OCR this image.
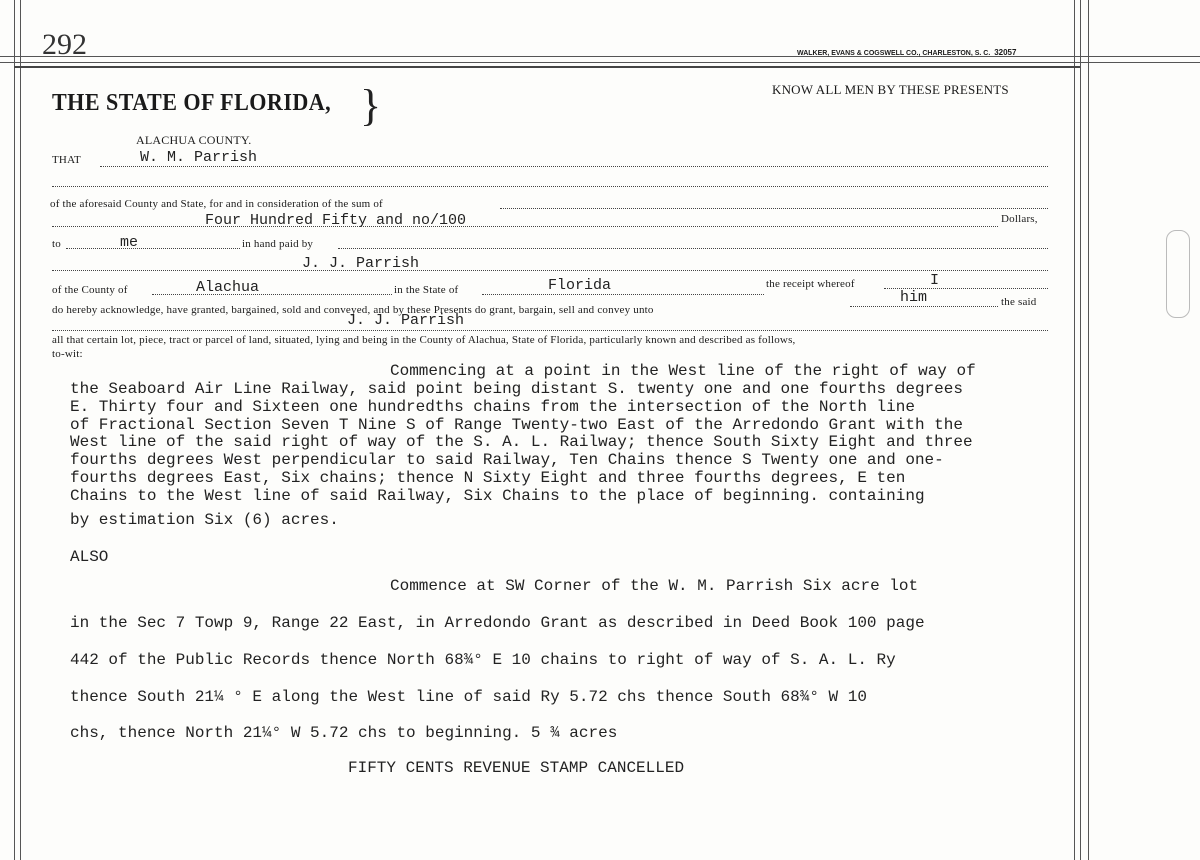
292	WALKER, EVANS & COGSWELL CO., CHARLESTON, S. C. 32057
THE STATE OF FLORIDA, }
ALACHUA COUNTY.
KNOW ALL MEN BY THESE PRESENTS
THAT	W. M. Parrish
of the aforesaid County and State, for and in consideration of the sum of
Four Hundred Fifty and no/100	Dollars,
to	me	in hand paid by
J. J. Parrish
of the County of	Alachua	in the State of	Florida	the receipt whereof	I
do hereby acknowledge, have granted, bargained, sold and conveyed, and by these Presents do grant, bargain, sell and convey unto
him	the said
J. J. Parrish
all that certain lot, piece, tract or parcel of land, situated, lying and being in the County of Alachua, State of Florida, particularly known and described as follows,
to-wit:
Commencing at a point in the West line of the right of way of
the Seaboard Air Line Railway, said point being distant S. twenty one and one fourths degrees
E. Thirty four and Sixteen one hundredths chains from the intersection of the North line
of Fractional Section Seven T Nine S of Range Twenty-two East of the Arredondo Grant with the
West line of the said right of way of the S. A. L. Railway; thence South Sixty Eight and three
fourths degrees West perpendicular to said Railway, Ten Chains thence S Twenty one and one-
fourths degrees East, Six chains; thence N Sixty Eight and three fourths degrees, E ten
Chains to the West line of said Railway, Six Chains to the place of beginning. containing
by estimation Six (6) acres.
ALSO
Commence at SW Corner of the W. M. Parrish Six acre lot
in the Sec 7 Towp 9, Range 22 East, in Arredondo Grant as described in Deed Book 100 page
442 of the Public Records thence North 68¾° E 10 chains to right of way of S. A. L. Ry
thence South 21¼ ° E along the West line of said Ry 5.72 chs thence South 68¾° W 10
chs, thence North 21¼° W 5.72 chs to beginning. 5 ¾ acres
FIFTY CENTS REVENUE STAMP CANCELLED
